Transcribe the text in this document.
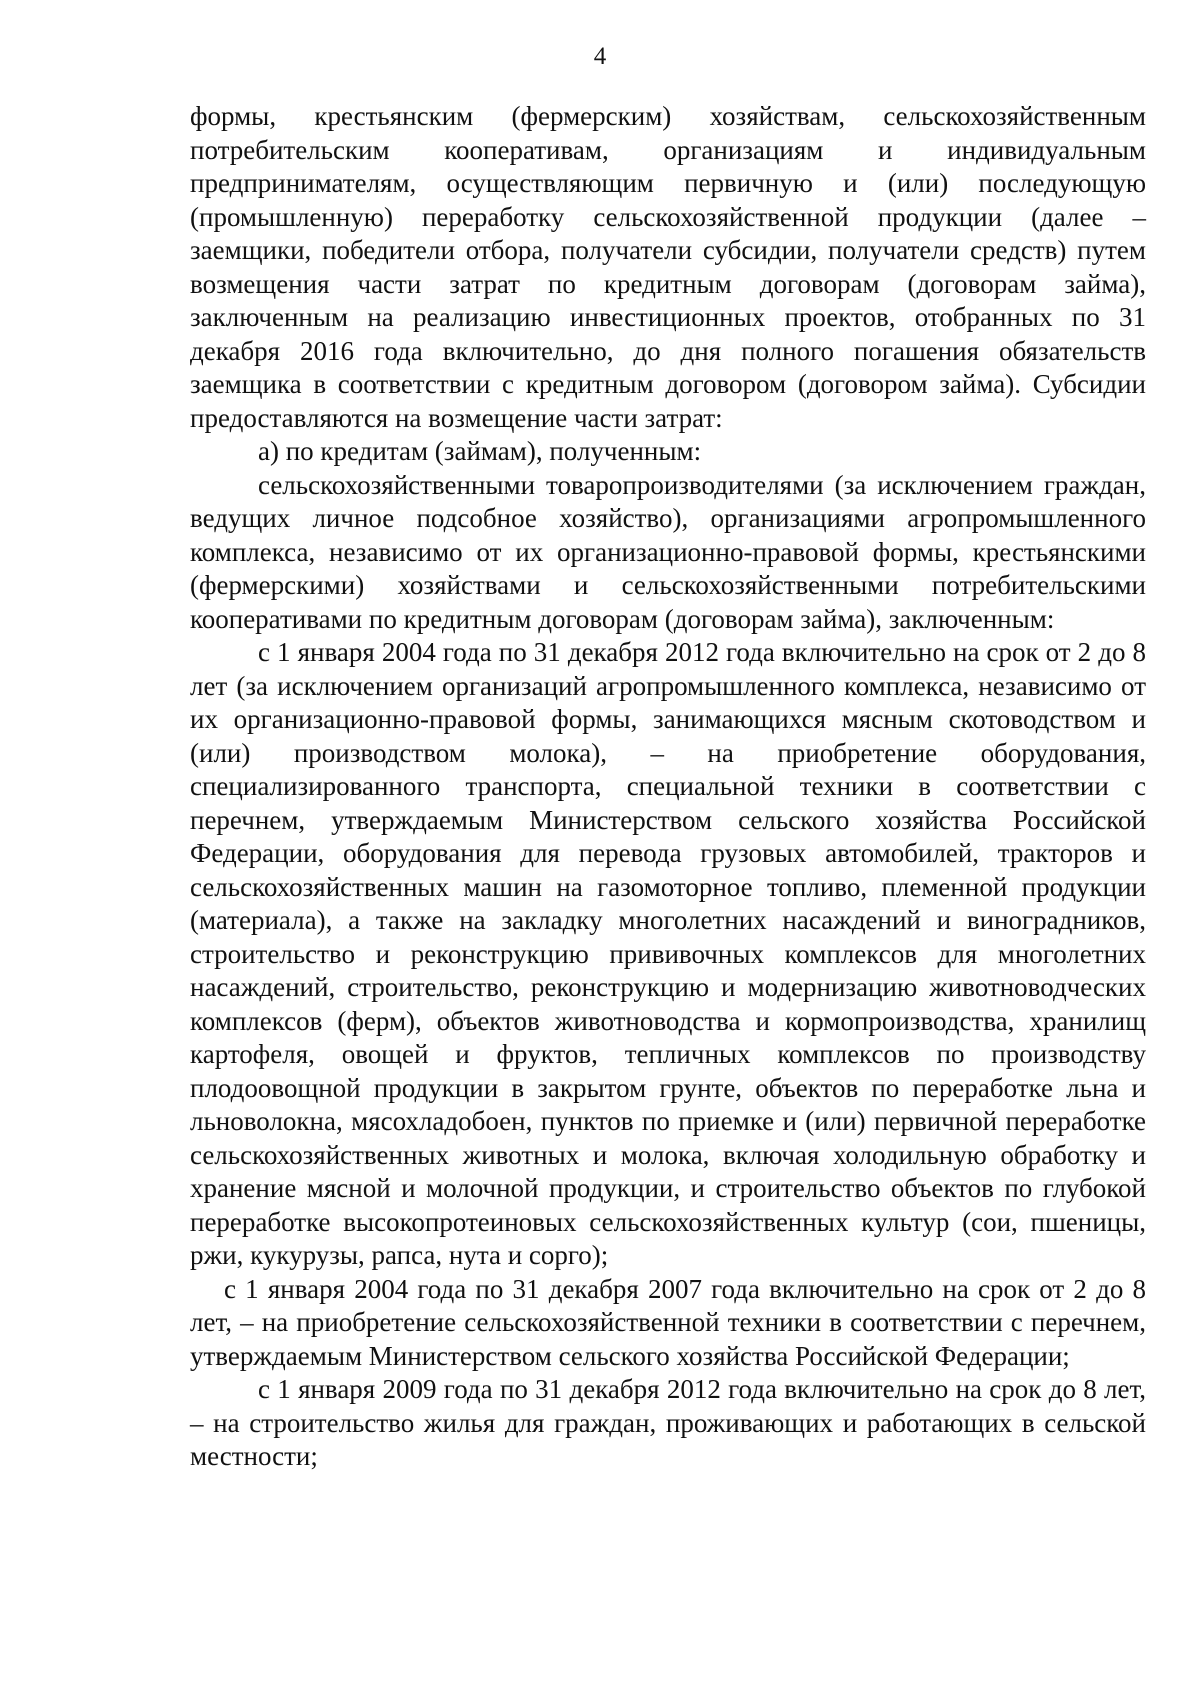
4

формы, крестьянским (фермерским) хозяйствам, сельскохозяйственным потребительским кооперативам, организациям и индивидуальным предпринимателям, осуществляющим первичную и (или) последующую (промышленную) переработку сельскохозяйственной продукции (далее – заемщики, победители отбора, получатели субсидии, получатели средств) путем возмещения части затрат по кредитным договорам (договорам займа), заключенным на реализацию инвестиционных проектов, отобранных по 31 декабря 2016 года включительно, до дня полного погашения обязательств заемщика в соответствии с кредитным договором (договором займа). Субсидии предоставляются на возмещение части затрат:

а) по кредитам (займам), полученным:

сельскохозяйственными товаропроизводителями (за исключением граждан, ведущих личное подсобное хозяйство), организациями агропромышленного комплекса, независимо от их организационно-правовой формы, крестьянскими (фермерскими) хозяйствами и сельскохозяйственными потребительскими кооперативами по кредитным договорам (договорам займа), заключенным:

с 1 января 2004 года по 31 декабря 2012 года включительно на срок от 2 до 8 лет (за исключением организаций агропромышленного комплекса, независимо от их организационно-правовой формы, занимающихся мясным скотоводством и (или) производством молока), – на приобретение оборудования, специализированного транспорта, специальной техники в соответствии с перечнем, утверждаемым Министерством сельского хозяйства Российской Федерации, оборудования для перевода грузовых автомобилей, тракторов и сельскохозяйственных машин на газомоторное топливо, племенной продукции (материала), а также на закладку многолетних насаждений и виноградников, строительство и реконструкцию прививочных комплексов для многолетних насаждений, строительство, реконструкцию и модернизацию животноводческих комплексов (ферм), объектов животноводства и кормопроизводства, хранилищ картофеля, овощей и фруктов, тепличных комплексов по производству плодоовощной продукции в закрытом грунте, объектов по переработке льна и льноволокна, мясохладобоен, пунктов по приемке и (или) первичной переработке сельскохозяйственных животных и молока, включая холодильную обработку и хранение мясной и молочной продукции, и строительство объектов по глубокой переработке высокопротеиновых сельскохозяйственных культур (сои, пшеницы, ржи, кукурузы, рапса, нута и сорго);

с 1 января 2004 года по 31 декабря 2007 года включительно на срок от 2 до 8 лет, – на приобретение сельскохозяйственной техники в соответствии с перечнем, утверждаемым Министерством сельского хозяйства Российской Федерации;

с 1 января 2009 года по 31 декабря 2012 года включительно на срок до 8 лет, – на строительство жилья для граждан, проживающих и работающих в сельской местности;
